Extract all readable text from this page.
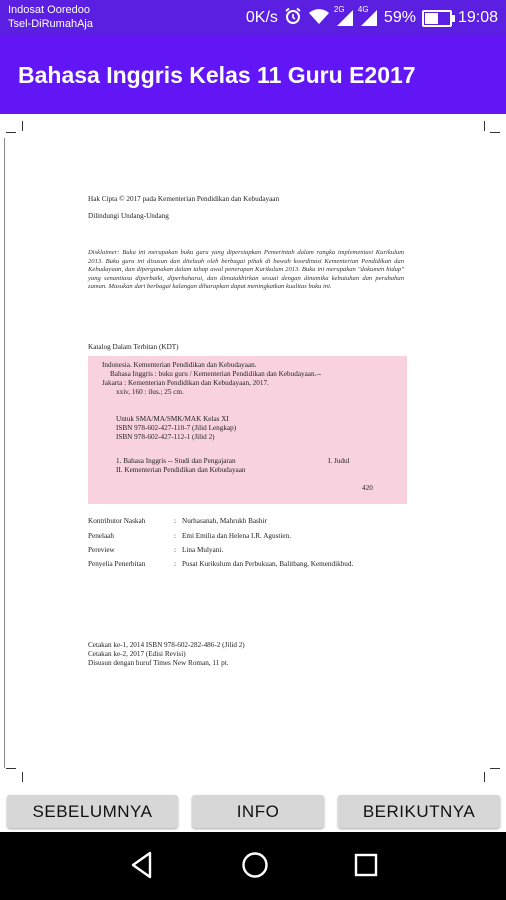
Indosat Ooredoo
Tsel-DiRumahAja	0K/s	2G 4G 59%	19:08
Bahasa Inggris Kelas 11 Guru E2017

Hak Cipta © 2017 pada Kementerian Pendidikan dan Kebudayaan

Dilindungi Undang-Undang

Disklaimer: Buku ini merupakan buku guru yang dipersiapkan Pemerintah dalam rangka implementasi Kurikulum 2013. Buku guru ini disusun dan ditelaah oleh berbagai pihak di bawah koordinasi Kementerian Pendidikan dan Kebudayaan, dan dipergunakan dalam tahap awal penerapan Kurikulum 2013. Buku ini merupakan "dokumen hidup" yang senantiasa diperbaiki, diperbaharui, dan dimutakhirkan sesuai dengan dinamika kebutuhan dan perubahan zaman. Masukan dari berbagai kalangan diharapkan dapat meningkatkan kualitas buku ini.

Katalog Dalam Terbitan (KDT)

Indonesia. Kementerian Pendidikan dan Kebudayaan.
Bahasa Inggris : buku guru / Kementerian Pendidikan dan Kebudayaan.--
Jakarta : Kementerian Pendidikan dan Kebudayaan, 2017.
xxiv, 160 : ilus.; 25 cm.
Untuk SMA/MA/SMK/MAK Kelas XI
ISBN 978-602-427-110-7 (Jilid Lengkap)
ISBN 978-602-427-112-1 (Jilid 2)
1. Bahasa Inggris -- Studi dan Pengajaran	I. Judul
II. Kementerian Pendidikan dan Kebudayaan
420
Kontributor Naskah	: Nurhasanah, Mahrukh Bashir
Penelaah	: Emi Emilia dan Helena I.R. Agustien.
Pereview	: Lina Mulyani.
Penyelia Penerbitan	: Pusat Kurikulum dan Perbukuan, Balitbang, Kemendikbud.
Cetakan ke-1, 2014 ISBN 978-602-282-486-2 (Jilid 2)
Cetakan ke-2, 2017 (Edisi Revisi)
Disusun dengan huruf Times New Roman, 11 pt.
SEBELUMNYA	INFO	BERIKUTNYA
